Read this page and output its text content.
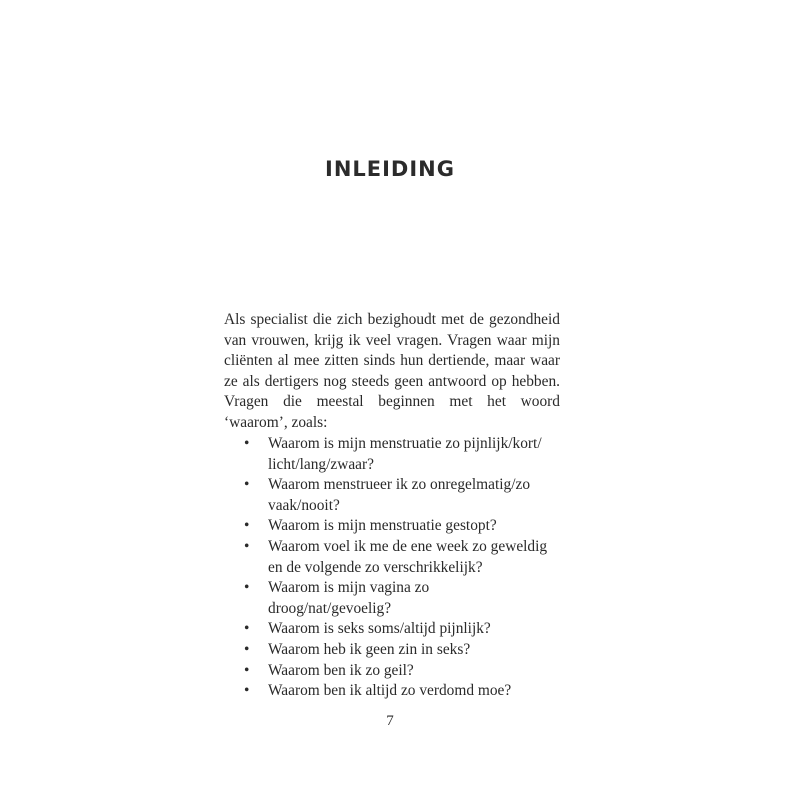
INLEIDING

Als specialist die zich bezighoudt met de gezondheid van vrouwen, krijg ik veel vragen. Vragen waar mijn cliënten al mee zitten sinds hun dertiende, maar waar ze als dertigers nog steeds geen antwoord op hebben. Vragen die meestal beginnen met het woord ‘waarom’, zoals:

• Waarom is mijn menstruatie zo pijnlijk/kort/ licht/lang/zwaar?
• Waarom menstrueer ik zo onregelmatig/zo vaak/nooit?
• Waarom is mijn menstruatie gestopt?
• Waarom voel ik me de ene week zo geweldig en de volgende zo verschrikkelijk?
• Waarom is mijn vagina zo droog/nat/gevoelig?
• Waarom is seks soms/altijd pijnlijk?
• Waarom heb ik geen zin in seks?
• Waarom ben ik zo geil?
• Waarom ben ik altijd zo verdomd moe?
7
